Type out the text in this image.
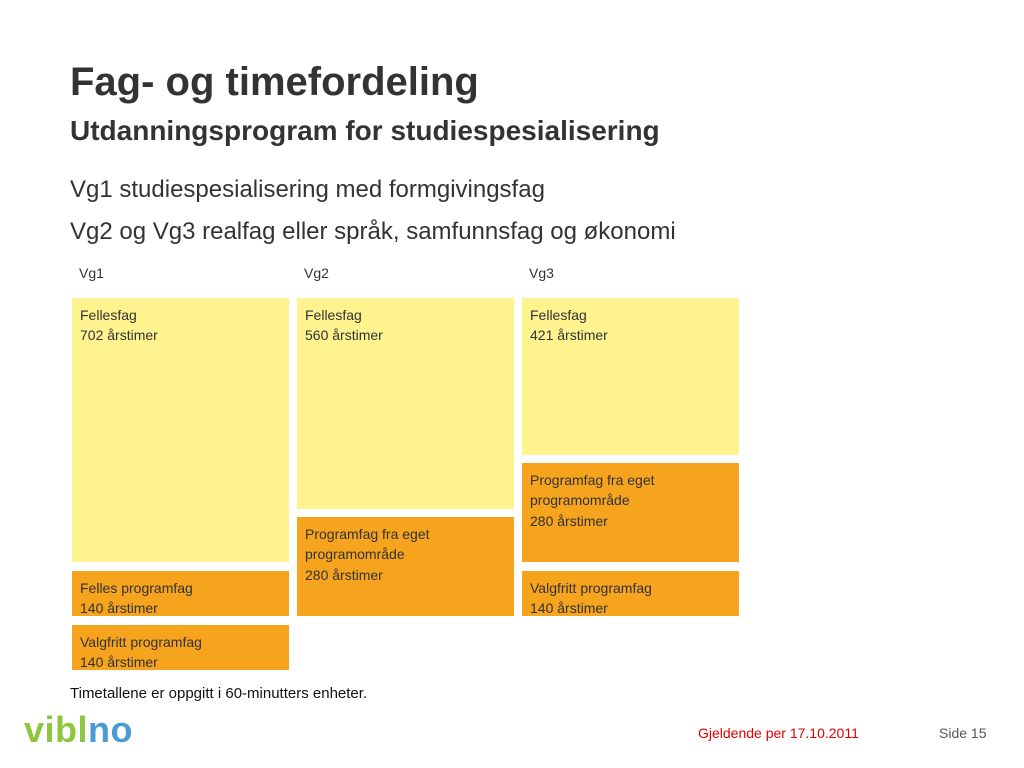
Fag- og timefordeling
Utdanningsprogram for studiespesialisering

Vg1 studiespesialisering med formgivingsfag

Vg2 og Vg3 realfag eller språk, samfunnsfag og økonomi

Vg1	Vg2	Vg3
Fellesfag
702 årstimer
Felles programfag
140 årstimer
Valgfritt programfag
140 årstimer
Fellesfag
560 årstimer
Programfag fra eget
programområde
280 årstimer
Fellesfag
421 årstimer
Programfag fra eget
programområde
280 årstimer
Valgfritt programfag
140 årstimer
Timetallene er oppgitt i 60-minutters enheter.
viblno	Gjeldende per 17.10.2011	Side 15
